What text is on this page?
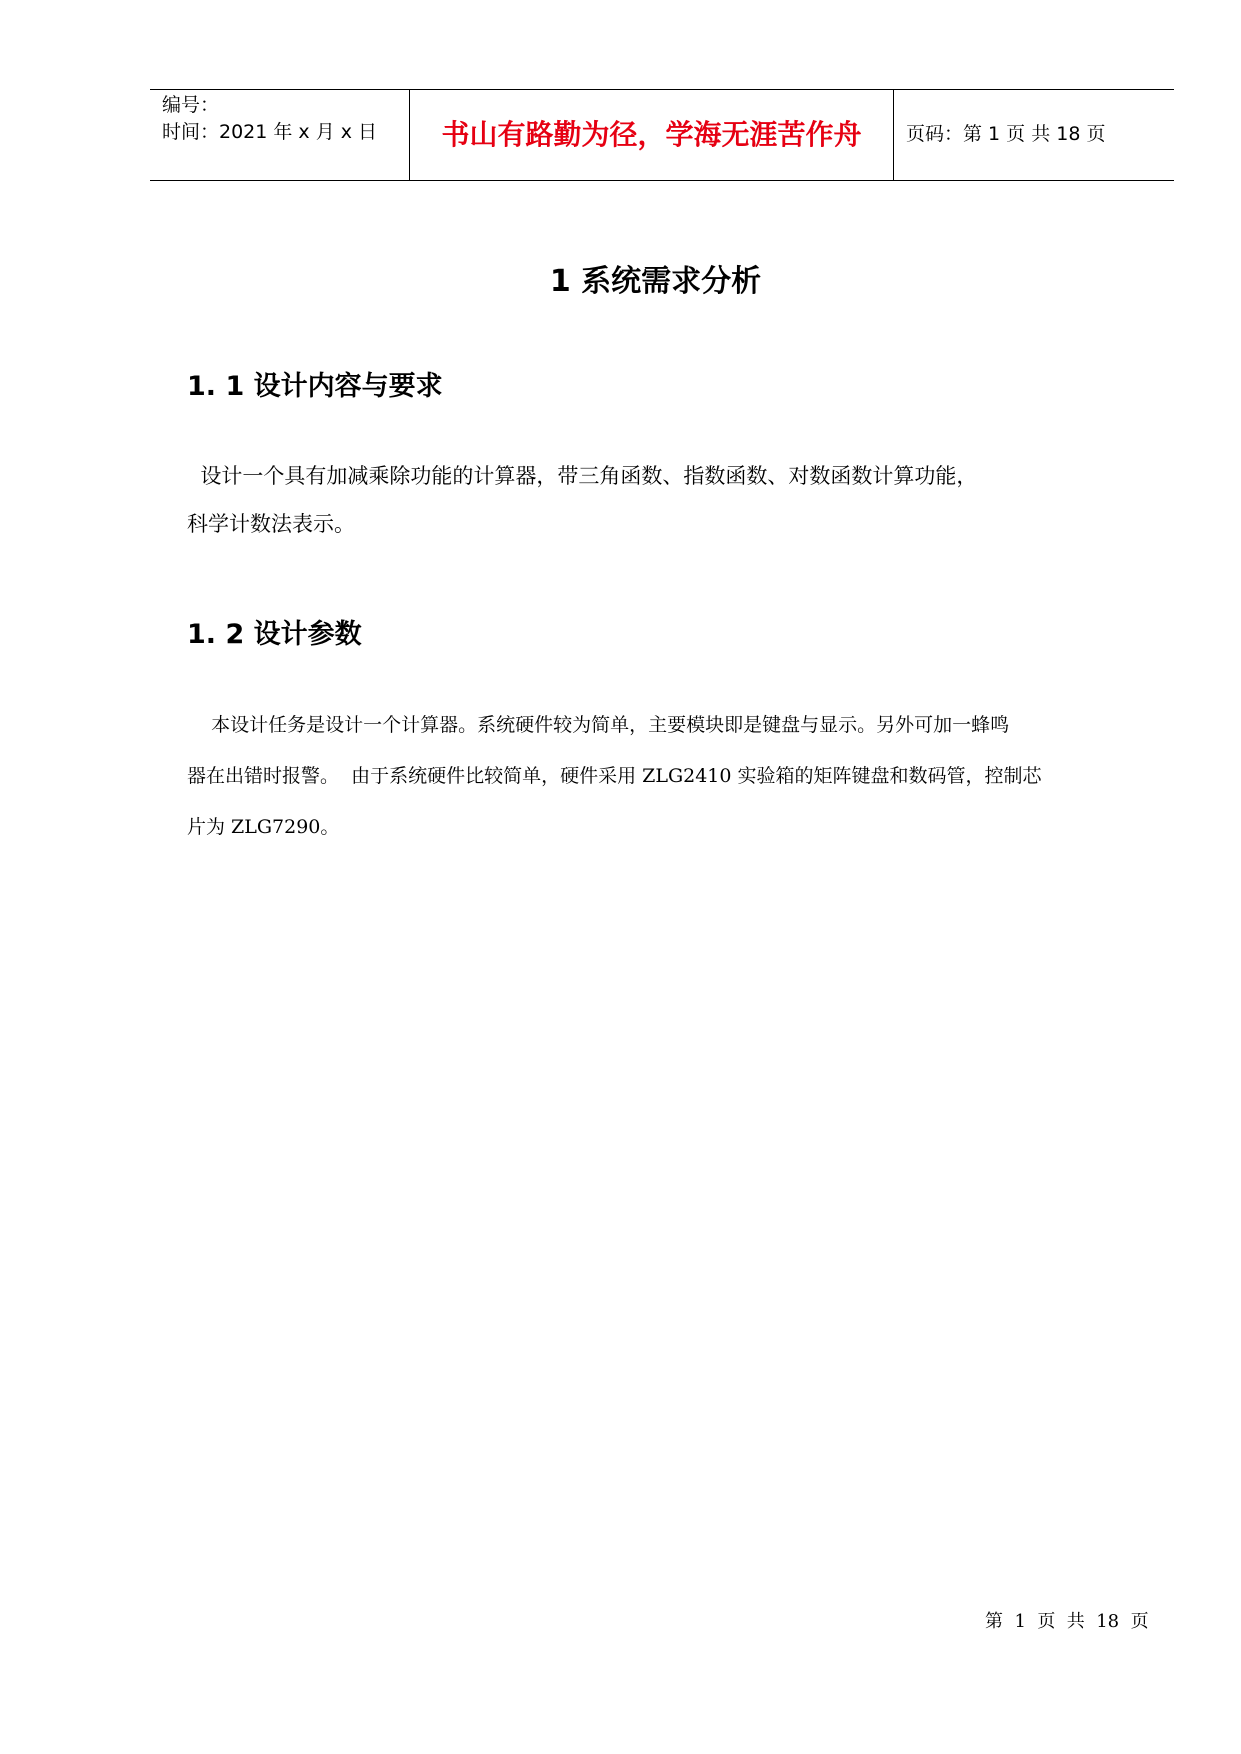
编号：
时间：2021 年 x 月 x 日	书山有路勤为径，学海无涯苦作舟	页码：第 1 页 共 18 页
1 系统需求分析
1. 1 设计内容与要求
设计一个具有加减乘除功能的计算器，带三角函数、指数函数、对数函数计算功能，
科学计数法表示。
1. 2 设计参数
本设计任务是设计一个计算器。系统硬件较为简单，主要模块即是键盘与显示。另外可加一蜂鸣
器在出错时报警。  由于系统硬件比较简单，硬件采用 ZLG2410 实验箱的矩阵键盘和数码管，控制芯
片为 ZLG7290。
第  1  页  共  18  页
